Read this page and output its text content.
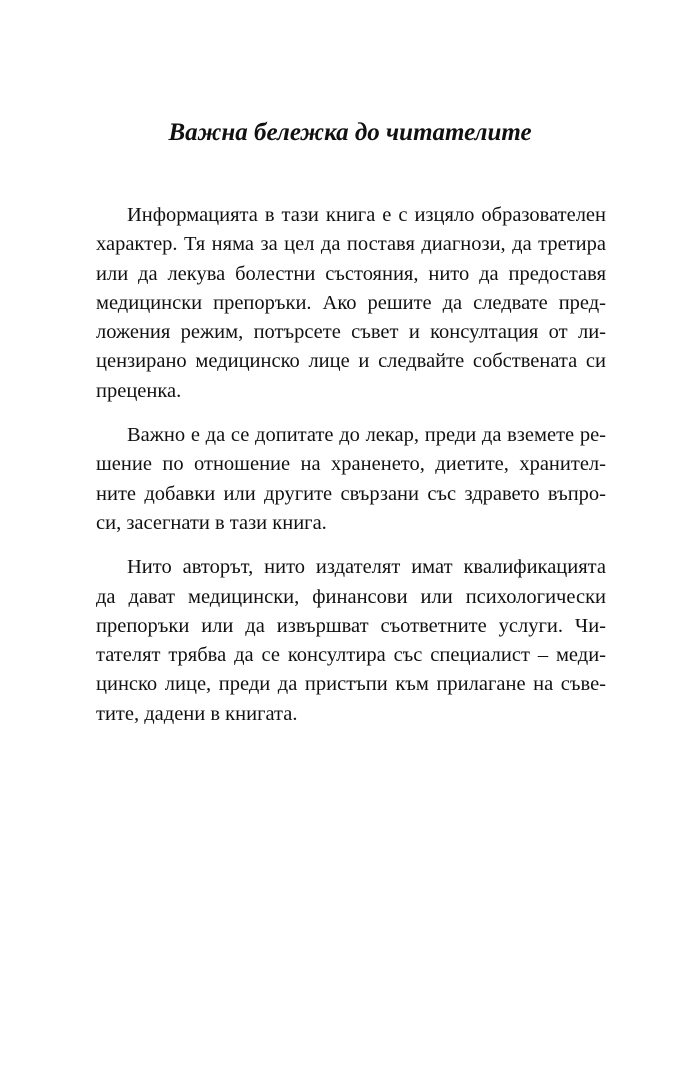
Важна бележка до читателите

Информацията в тази книга е с изцяло образователен
характер. Тя няма за цел да поставя диагнози, да третира
или да лекува болестни състояния, нито да предоставя
медицински препоръки. Ако решите да следвате пред-
ложения режим, потърсете съвет и консултация от ли-
цензирано медицинско лице и следвайте собствената си
преценка.

Важно е да се допитате до лекар, преди да вземете ре-
шение по отношение на храненето, диетите, хранител-
ните добавки или другите свързани със здравето въпро-
си, засегнати в тази книга.

Нито авторът, нито издателят имат квалификацията
да дават медицински, финансови или психологически
препоръки или да извършват съответните услуги. Чи-
тателят трябва да се консултира със специалист – меди-
цинско лице, преди да пристъпи към прилагане на съве-
тите, дадени в книгата.
